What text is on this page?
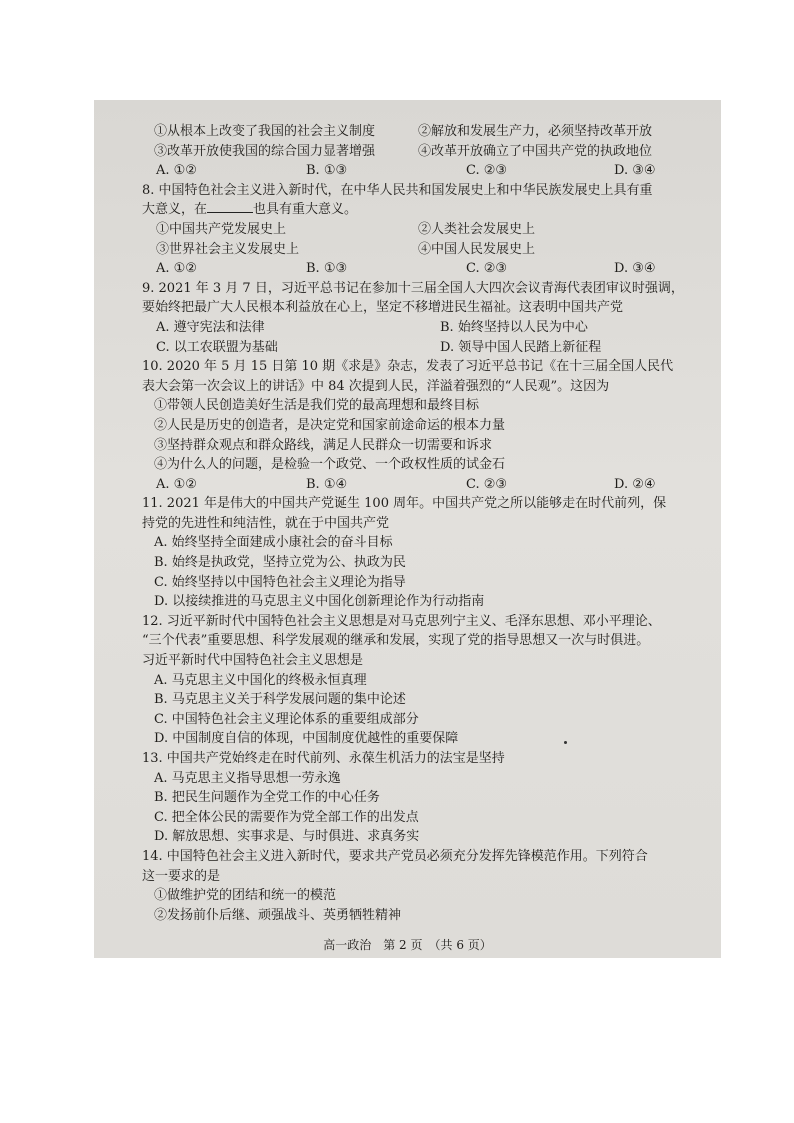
①从根本上改变了我国的社会主义制度	②解放和发展生产力，必须坚持改革开放
③改革开放使我国的综合国力显著增强	④改革开放确立了中国共产党的执政地位
A. ①②	B. ①③	C. ②③	D. ③④
8. 中国特色社会主义进入新时代，在中华人民共和国发展史上和中华民族发展史上具有重
大意义，在	也具有重大意义。
①中国共产党发展史上	②人类社会发展史上
③世界社会主义发展史上	④中国人民发展史上
A. ①②	B. ①③	C. ②③	D. ③④
9. 2021 年 3 月 7 日，习近平总书记在参加十三届全国人大四次会议青海代表团审议时强调，
要始终把最广大人民根本利益放在心上，坚定不移增进民生福祉。这表明中国共产党
A. 遵守宪法和法律	B. 始终坚持以人民为中心
C. 以工农联盟为基础	D. 领导中国人民踏上新征程
10. 2020 年 5 月 15 日第 10 期《求是》杂志，发表了习近平总书记《在十三届全国人民代
表大会第一次会议上的讲话》中 84 次提到人民，洋溢着强烈的“人民观”。这因为
①带领人民创造美好生活是我们党的最高理想和最终目标
②人民是历史的创造者，是决定党和国家前途命运的根本力量
③坚持群众观点和群众路线，满足人民群众一切需要和诉求
④为什么人的问题，是检验一个政党、一个政权性质的试金石
A. ①②	B. ①④	C. ②③	D. ②④
11. 2021 年是伟大的中国共产党诞生 100 周年。中国共产党之所以能够走在时代前列，保
持党的先进性和纯洁性，就在于中国共产党
A. 始终坚持全面建成小康社会的奋斗目标
B. 始终是执政党，坚持立党为公、执政为民
C. 始终坚持以中国特色社会主义理论为指导
D. 以接续推进的马克思主义中国化创新理论作为行动指南
12. 习近平新时代中国特色社会主义思想是对马克思列宁主义、毛泽东思想、邓小平理论、
“三个代表”重要思想、科学发展观的继承和发展，实现了党的指导思想又一次与时俱进。
习近平新时代中国特色社会主义思想是
A. 马克思主义中国化的终极永恒真理
B. 马克思主义关于科学发展问题的集中论述
C. 中国特色社会主义理论体系的重要组成部分
D. 中国制度自信的体现，中国制度优越性的重要保障
13. 中国共产党始终走在时代前列、永葆生机活力的法宝是坚持
A. 马克思主义指导思想一劳永逸
B. 把民生问题作为全党工作的中心任务
C. 把全体公民的需要作为党全部工作的出发点
D. 解放思想、实事求是、与时俱进、求真务实
14. 中国特色社会主义进入新时代，要求共产党员必须充分发挥先锋模范作用。下列符合
这一要求的是
①做维护党的团结和统一的模范
②发扬前仆后继、顽强战斗、英勇牺牲精神
高一政治　第 2 页　（共 6 页）
